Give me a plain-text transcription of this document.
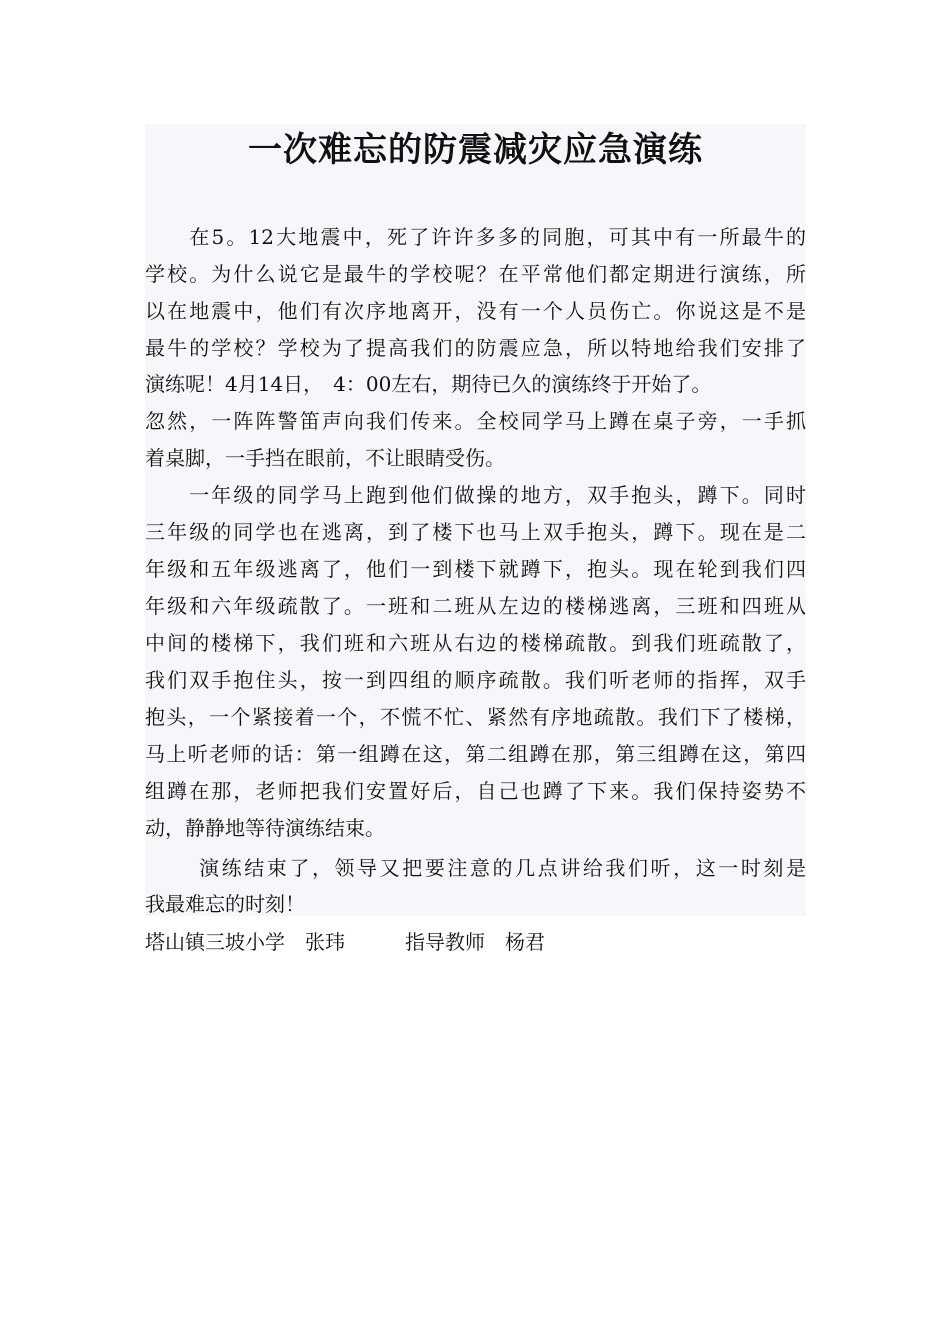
一次难忘的防震减灾应急演练
　　在5。12大地震中，死了许许多多的同胞，可其中有一所最牛的
学校。为什么说它是最牛的学校呢？在平常他们都定期进行演练，所
以在地震中，他们有次序地离开，没有一个人员伤亡。你说这是不是
最牛的学校？学校为了提高我们的防震应急，所以特地给我们安排了
演练呢！4月14日，　4：00左右，期待已久的演练终于开始了。
忽然，一阵阵警笛声向我们传来。全校同学马上蹲在桌子旁，一手抓
着桌脚，一手挡在眼前，不让眼睛受伤。
　　一年级的同学马上跑到他们做操的地方，双手抱头，蹲下。同时
三年级的同学也在逃离，到了楼下也马上双手抱头，蹲下。现在是二
年级和五年级逃离了，他们一到楼下就蹲下，抱头。现在轮到我们四
年级和六年级疏散了。一班和二班从左边的楼梯逃离，三班和四班从
中间的楼梯下，我们班和六班从右边的楼梯疏散。到我们班疏散了，
我们双手抱住头，按一到四组的顺序疏散。我们听老师的指挥，双手
抱头，一个紧接着一个，不慌不忙、紧然有序地疏散。我们下了楼梯，
马上听老师的话：第一组蹲在这，第二组蹲在那，第三组蹲在这，第四
组蹲在那，老师把我们安置好后，自己也蹲了下来。我们保持姿势不
动，静静地等待演练结束。
　　 演练结束了，领导又把要注意的几点讲给我们听，这一时刻是
我最难忘的时刻！
塔山镇三坡小学　张玮　　　指导教师　杨君
